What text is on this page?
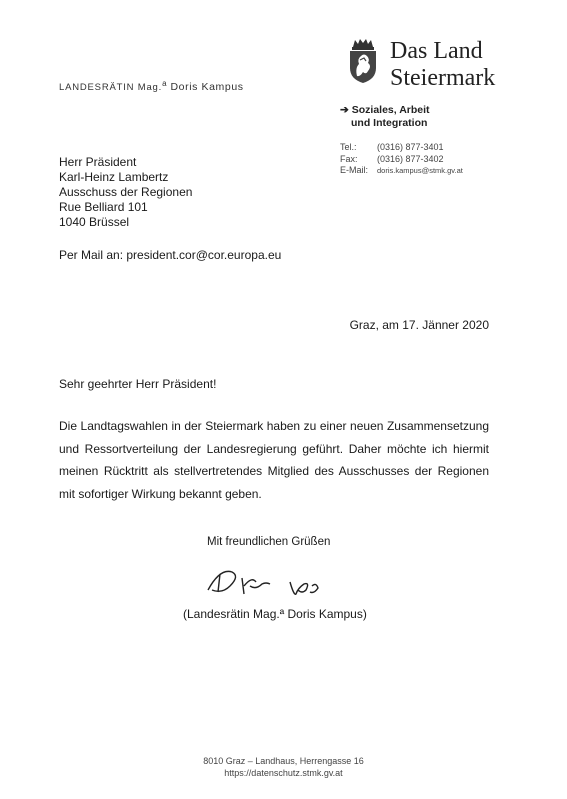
LANDESRÄTIN Mag.$^a$ Doris Kampus
Das Land
Steiermark
➔ Soziales, Arbeit
und Integration
Tel.:	(0316) 877-3401
Fax:	(0316) 877-3402
E-Mail:	doris.kampus@stmk.gv.at
Herr Präsident
Karl-Heinz Lambertz
Ausschuss der Regionen
Rue Belliard 101
1040 Brüssel
Per Mail an: president.cor@cor.europa.eu
Graz, am 17. Jänner 2020
Sehr geehrter Herr Präsident!
Die Landtagswahlen in der Steiermark haben zu einer neuen Zusammensetzung und Ressortverteilung der Landesregierung geführt. Daher möchte ich hiermit meinen Rücktritt als stellvertretendes Mitglied des Ausschusses der Regionen mit sofortiger Wirkung bekannt geben.
Mit freundlichen Grüßen
(Landesrätin Mag.ª Doris Kampus)
8010 Graz – Landhaus, Herrengasse 16
https://datenschutz.stmk.gv.at
